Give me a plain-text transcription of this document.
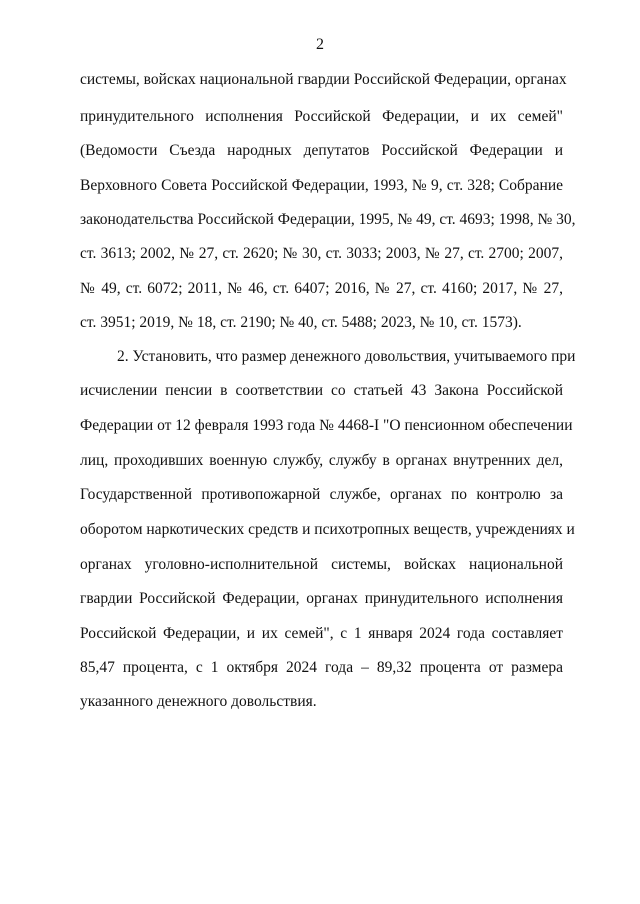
2
системы, войсках национальной гвардии Российской Федерации, органах
принудительного исполнения Российской Федерации, и их семей"
(Ведомости Съезда народных депутатов Российской Федерации и
Верховного Совета Российской Федерации, 1993, № 9, ст. 328; Собрание
законодательства Российской Федерации, 1995, № 49, ст. 4693; 1998, № 30,
ст. 3613; 2002, № 27, ст. 2620; № 30, ст. 3033; 2003, № 27, ст. 2700; 2007,
№ 49, ст. 6072; 2011, № 46, ст. 6407; 2016, № 27, ст. 4160; 2017, № 27,
ст. 3951; 2019, № 18, ст. 2190; № 40, ст. 5488; 2023, № 10, ст. 1573).
2. Установить, что размер денежного довольствия, учитываемого при
исчислении пенсии в соответствии со статьей 43 Закона Российской
Федерации от 12 февраля 1993 года № 4468-I "О пенсионном обеспечении
лиц, проходивших военную службу, службу в органах внутренних дел,
Государственной противопожарной службе, органах по контролю за
оборотом наркотических средств и психотропных веществ, учреждениях и
органах уголовно-исполнительной системы, войсках национальной
гвардии Российской Федерации, органах принудительного исполнения
Российской Федерации, и их семей", с 1 января 2024 года составляет
85,47 процента, с 1 октября 2024 года – 89,32 процента от размера
указанного денежного довольствия.
